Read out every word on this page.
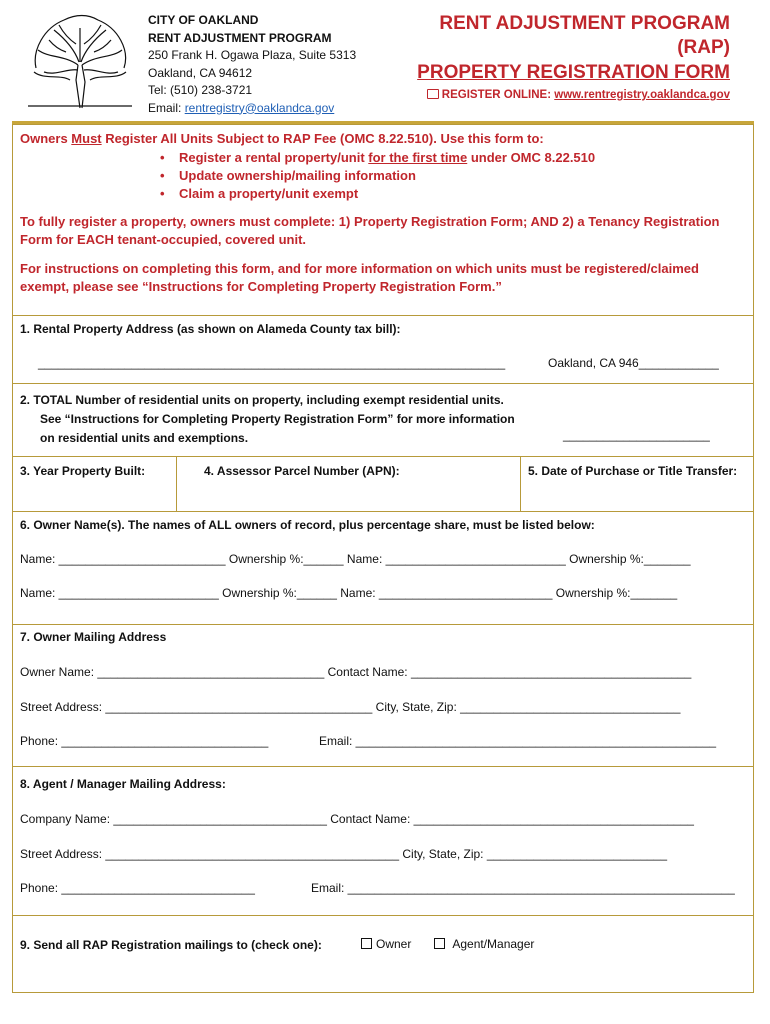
CITY OF OAKLAND
RENT ADJUSTMENT PROGRAM
250 Frank H. Ogawa Plaza, Suite 5313
Oakland, CA 94612
Tel: (510) 238-3721
Email: rentregistry@oaklandca.gov
RENT ADJUSTMENT PROGRAM (RAP)
PROPERTY REGISTRATION FORM
REGISTER ONLINE: www.rentregistry.oaklandca.gov
Owners Must Register All Units Subject to RAP Fee (OMC 8.22.510). Use this form to:
•    Register a rental property/unit for the first time under OMC 8.22.510
•    Update ownership/mailing information
•    Claim a property/unit exempt
To fully register a property, owners must complete: 1) Property Registration Form; AND 2) a Tenancy Registration Form for EACH tenant-occupied, covered unit.
For instructions on completing this form, and for more information on which units must be registered/claimed exempt, please see “Instructions for Completing Property Registration Form.”
1. Rental Property Address (as shown on Alameda County tax bill):
______________________________________________________________________	Oakland, CA 946____________
2. TOTAL Number of residential units on property, including exempt residential units.
See “Instructions for Completing Property Registration Form” for more information
on residential units and exemptions.	______________________
3. Year Property Built:	4. Assessor Parcel Number (APN):	5. Date of Purchase or Title Transfer:
6. Owner Name(s). The names of ALL owners of record, plus percentage share, must be listed below:
Name: _________________________ Ownership %:______ Name: ___________________________ Ownership %:_______
Name: ________________________ Ownership %:______ Name: __________________________ Ownership %:_______
7. Owner Mailing Address
Owner Name: __________________________________ Contact Name: __________________________________________
Street Address: ________________________________________ City, State, Zip: _________________________________
Phone: _______________________________	Email: ______________________________________________________
8. Agent / Manager Mailing Address:
Company Name: ________________________________ Contact Name: __________________________________________
Street Address: ____________________________________________ City, State, Zip: ___________________________
Phone: _____________________________	Email: __________________________________________________________
9. Send all RAP Registration mailings to (check one):	Owner	Agent/Manager
